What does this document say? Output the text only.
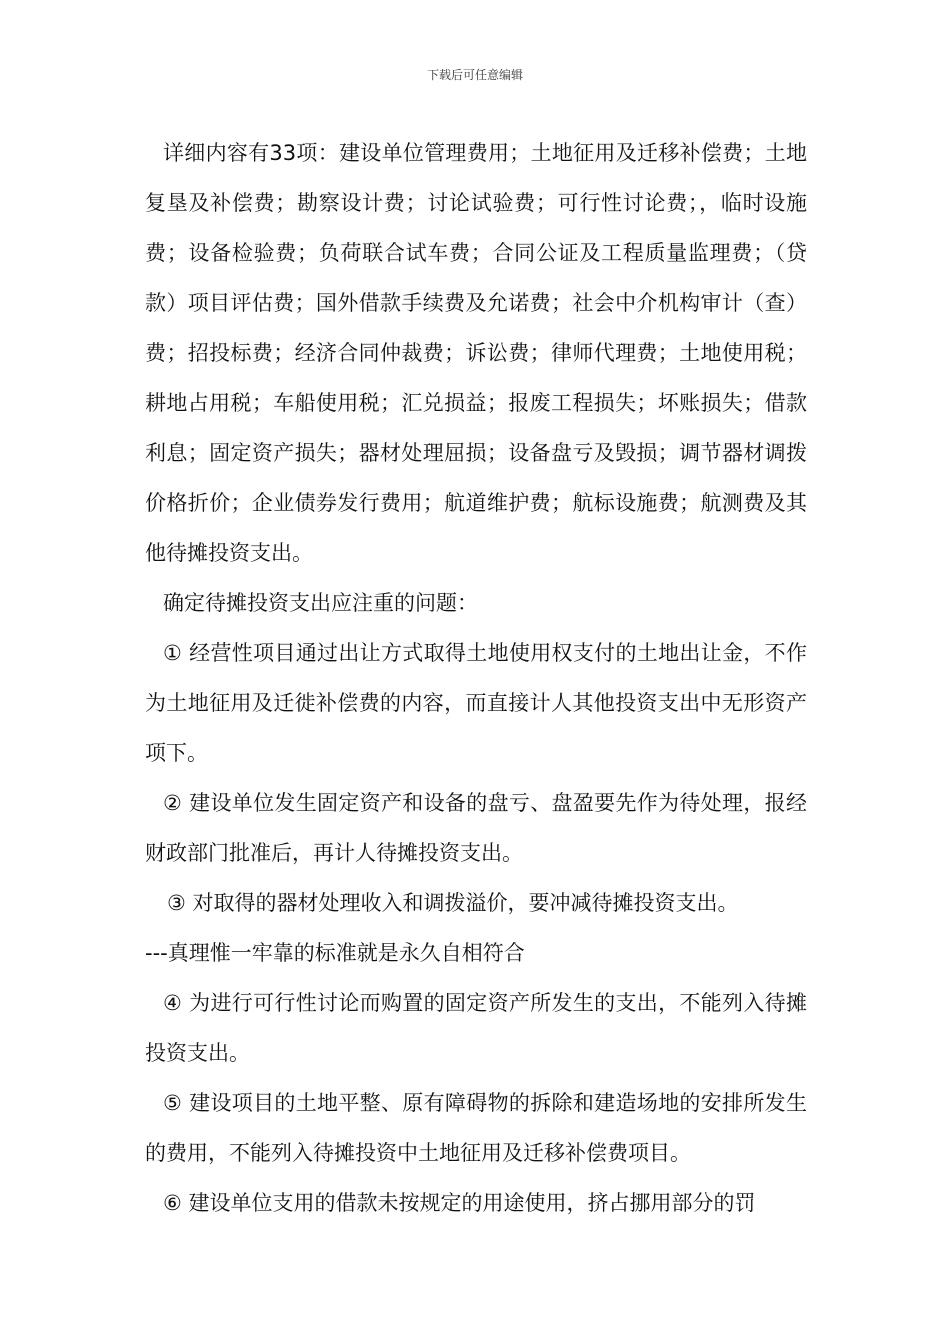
下载后可任意编辑

详细内容有33项：建设单位管理费用；土地征用及迁移补偿费；土地复垦及补偿费；勘察设计费；讨论试验费；可行性讨论费；，临时设施费；设备检验费；负荷联合试车费；合同公证及工程质量监理费；（贷款）项目评估费；国外借款手续费及允诺费；社会中介机构审计（查）费；招投标费；经济合同仲裁费；诉讼费；律师代理费；土地使用税；耕地占用税；车船使用税；汇兑损益；报废工程损失；坏账损失；借款利息；固定资产损失；器材处理屈损；设备盘亏及毁损；调节器材调拨价格折价；企业债券发行费用；航道维护费；航标设施费；航测费及其他待摊投资支出。

确定待摊投资支出应注重的问题：

① 经营性项目通过出让方式取得土地使用权支付的土地出让金，不作为土地征用及迁徙补偿费的内容，而直接计人其他投资支出中无形资产项下。

② 建设单位发生固定资产和设备的盘亏、盘盈要先作为待处理，报经财政部门批准后，再计人待摊投资支出。

③ 对取得的器材处理收入和调拨溢价，要冲减待摊投资支出。

---真理惟一牢靠的标准就是永久自相符合

④ 为进行可行性讨论而购置的固定资产所发生的支出，不能列入待摊投资支出。

⑤ 建设项目的土地平整、原有障碍物的拆除和建造场地的安排所发生的费用，不能列入待摊投资中土地征用及迁移补偿费项目。

⑥ 建设单位支用的借款未按规定的用途使用，挤占挪用部分的罚
